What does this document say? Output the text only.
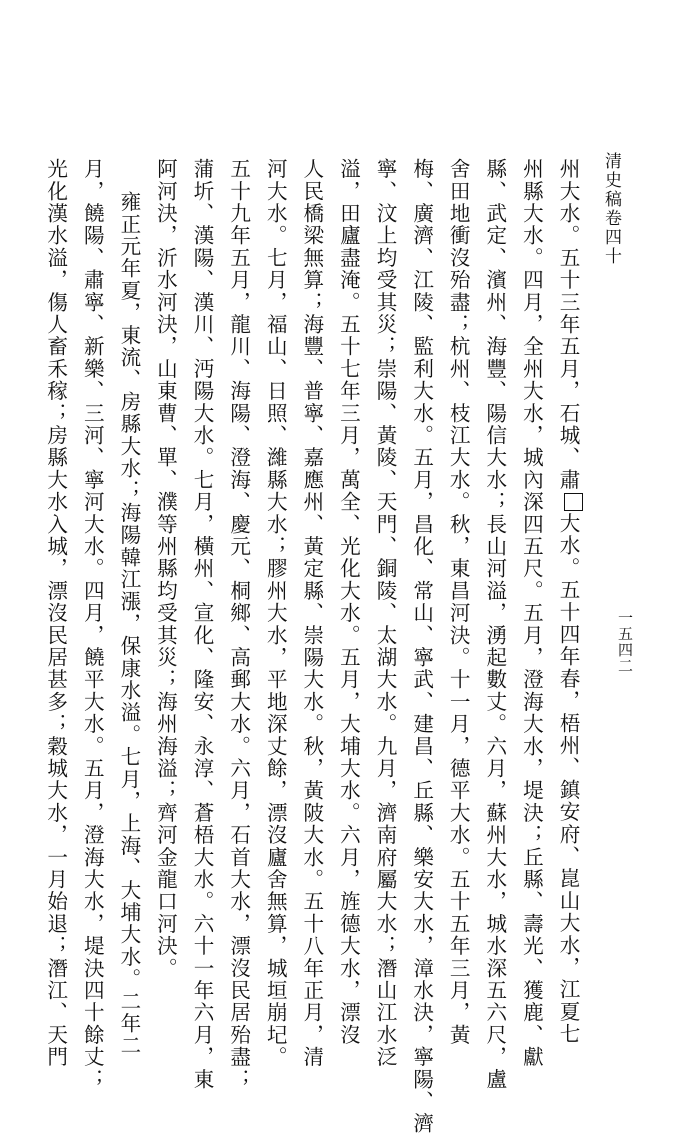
清史稿卷四十
一五四二
州大水。五十三年五月，石城、肅大水。五十四年春，梧州、鎮安府、崑山大水，江夏七
州縣大水。四月，全州大水，城內深四五尺。五月，澄海大水，堤決；丘縣、壽光、獲鹿、獻
縣、武定、濱州、海豐、陽信大水；長山河溢，湧起數丈。六月，蘇州大水，城水深五六尺，盧
舍田地衝沒殆盡；杭州、枝江大水。秋，東昌河決。十一月，德平大水。五十五年三月，黃
梅、廣濟、江陵、監利大水。五月，昌化、常山、寧武、建昌、丘縣、樂安大水，漳水決，寧陽、濟
寧、汶上均受其災；崇陽、黃陵、天門、銅陵、太湖大水。九月，濟南府屬大水；潛山江水泛
溢，田廬盡淹。五十七年三月，萬全、光化大水。五月，大埔大水。六月，旌德大水，漂沒
人民橋梁無算；海豐、普寧、嘉應州、黃定縣、崇陽大水。秋，黃陂大水。五十八年正月，清
河大水。七月，福山、日照、濰縣大水；膠州大水，平地深丈餘，漂沒廬舍無算，城垣崩圮。
五十九年五月，龍川、海陽、澄海、慶元、桐鄉、高郵大水。六月，石首大水，漂沒民居殆盡；
蒲圻、漢陽、漢川、沔陽大水。七月，橫州、宣化、隆安、永淳、蒼梧大水。六十一年六月，東
阿河決，沂水河決，山東曹、單、濮等州縣均受其災；海州海溢；齊河金龍口河決。
雍正元年夏，東流、房縣大水；海陽韓江漲，保康水溢。七月，上海、大埔大水。二年二
月，饒陽、肅寧、新樂、三河、寧河大水。四月，饒平大水。五月，澄海大水，堤決四十餘丈；
光化漢水溢，傷人畜禾稼；房縣大水入城，漂沒民居甚多；穀城大水，一月始退；潛江、天門
